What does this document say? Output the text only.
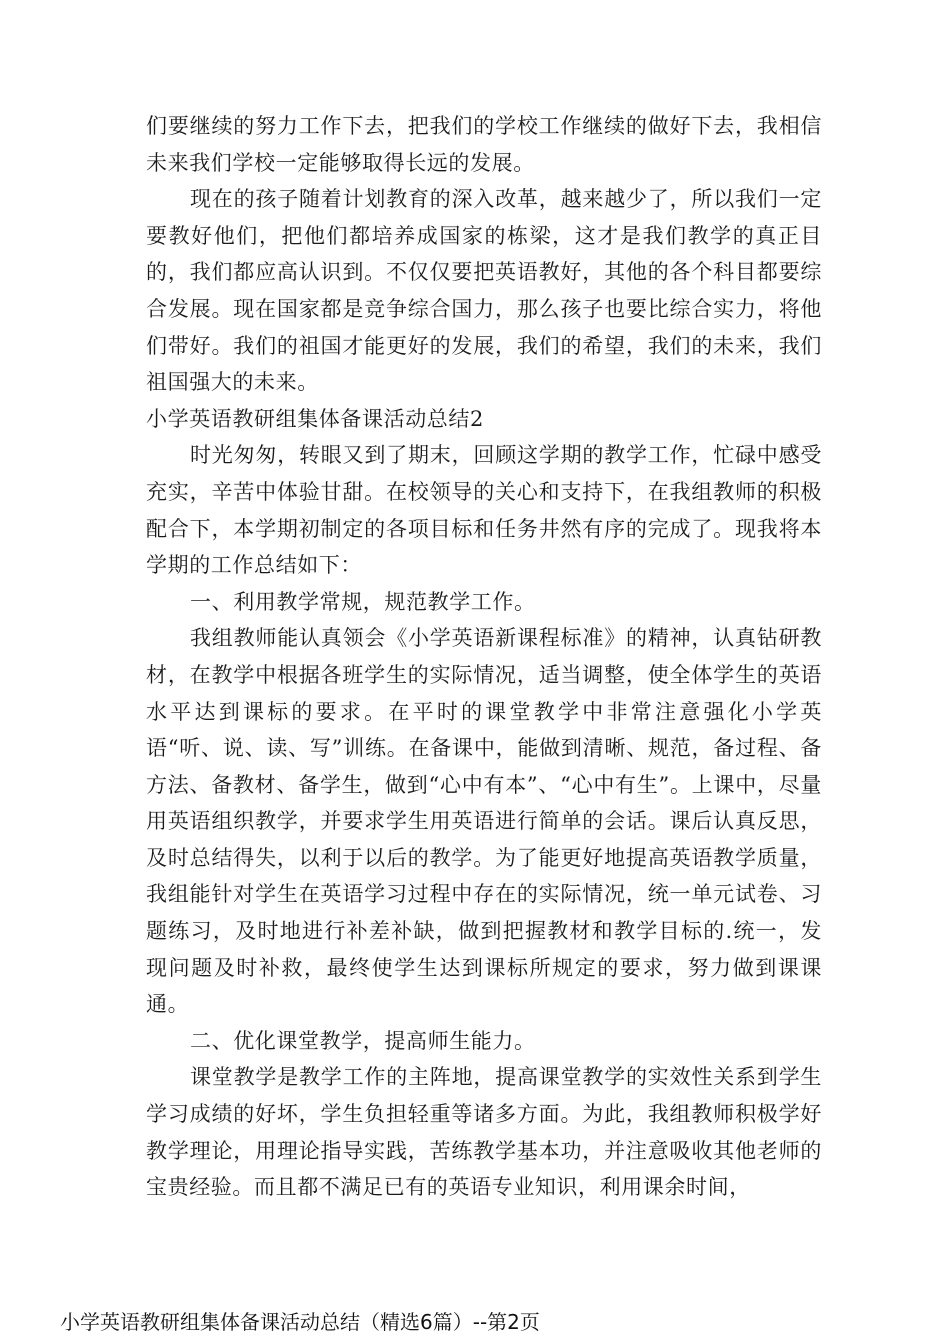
们要继续的努力工作下去，把我们的学校工作继续的做好下去，我相信未来我们学校一定能够取得长远的发展。

现在的孩子随着计划教育的深入改革，越来越少了，所以我们一定要教好他们，把他们都培养成国家的栋梁，这才是我们教学的真正目的，我们都应高认识到。不仅仅要把英语教好，其他的各个科目都要综合发展。现在国家都是竞争综合国力，那么孩子也要比综合实力，将他们带好。我们的祖国才能更好的发展，我们的希望，我们的未来，我们祖国强大的未来。

小学英语教研组集体备课活动总结2

时光匆匆，转眼又到了期末，回顾这学期的教学工作，忙碌中感受充实，辛苦中体验甘甜。在校领导的关心和支持下，在我组教师的积极配合下，本学期初制定的各项目标和任务井然有序的完成了。现我将本学期的工作总结如下：

一、利用教学常规，规范教学工作。

我组教师能认真领会《小学英语新课程标准》的精神，认真钻研教材，在教学中根据各班学生的实际情况，适当调整，使全体学生的英语水平达到课标的要求。在平时的课堂教学中非常注意强化小学英语“听、说、读、写”训练。在备课中，能做到清晰、规范，备过程、备方法、备教材、备学生，做到“心中有本”、“心中有生”。上课中，尽量用英语组织教学，并要求学生用英语进行简单的会话。课后认真反思，及时总结得失，以利于以后的教学。为了能更好地提高英语教学质量，我组能针对学生在英语学习过程中存在的实际情况，统一单元试卷、习题练习，及时地进行补差补缺，做到把握教材和教学目标的.统一，发现问题及时补救，最终使学生达到课标所规定的要求，努力做到课课通。

二、优化课堂教学，提高师生能力。

课堂教学是教学工作的主阵地，提高课堂教学的实效性关系到学生学习成绩的好坏，学生负担轻重等诸多方面。为此，我组教师积极学好教学理论，用理论指导实践，苦练教学基本功，并注意吸收其他老师的宝贵经验。而且都不满足已有的英语专业知识，利用课余时间，

小学英语教研组集体备课活动总结（精选6篇）--第2页
